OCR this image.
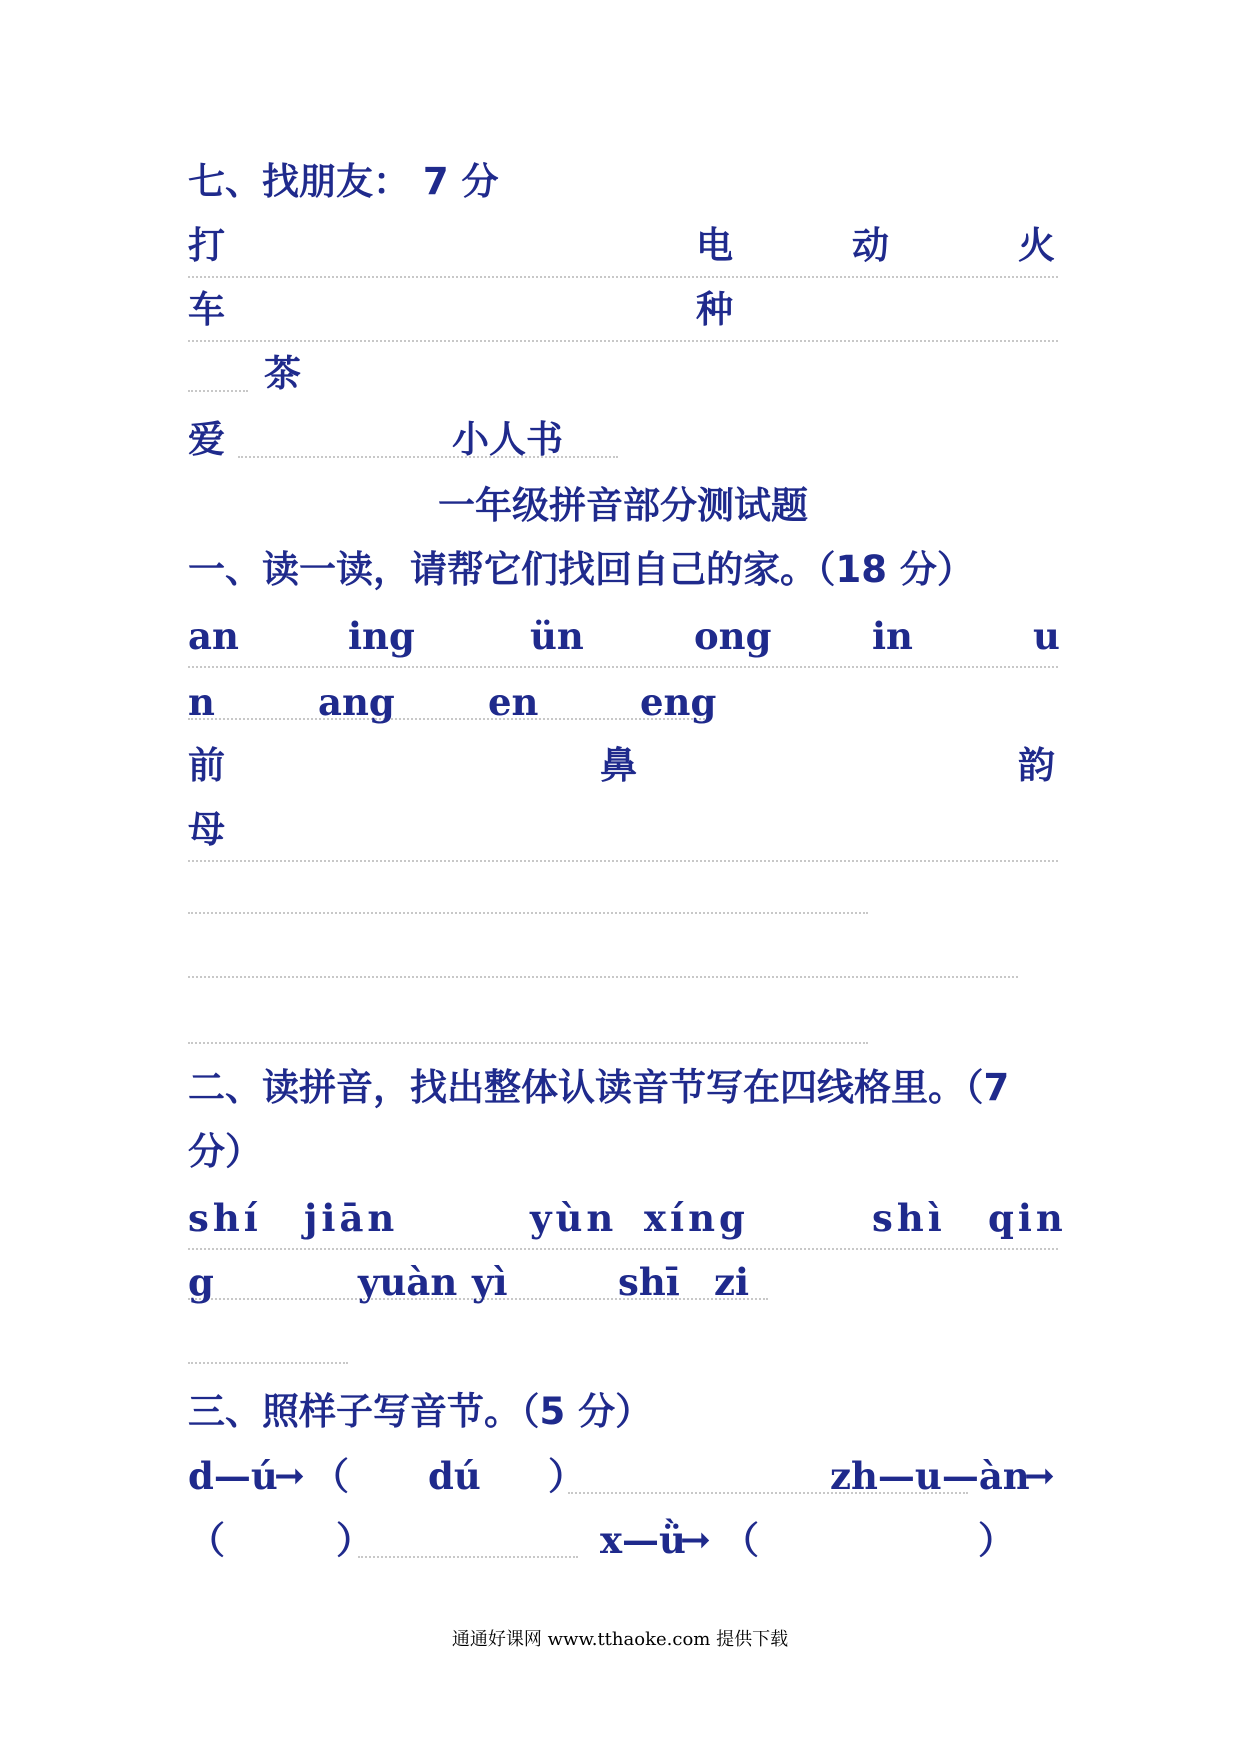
七、找朋友： 7 分
打	电	动	火
车	种
茶
爱	小人书
一年级拼音部分测试题
一、读一读，请帮它们找回自己的家。（18 分）
an	ing	ün	ong	in	u
n	ang	en	eng
前	鼻	韵
母
二、读拼音，找出整体认读音节写在四线格里。（7
分）
shí jiān	yùn xíng	shì qin
g	yuàn yì	shī zi
三、照样子写音节。（5 分）
d—ú
➞ （ dú ）	zh—u—àn
➞
（	）	x—ǜ
➞ （	）
通通好课网 www.tthaoke.com 提供下载
